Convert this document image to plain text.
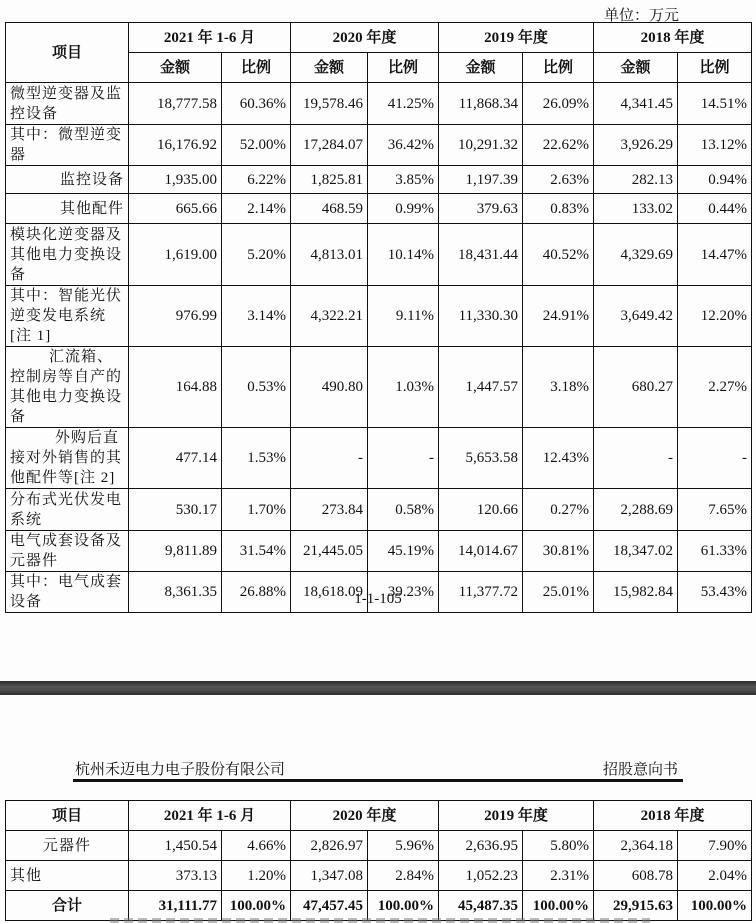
单位：万元
项目	2021 年 1-6 月		2020 年度		2019 年度		2018 年度	
	金额	比例	金额	比例	金额	比例	金额	比例
微型逆变器及监控设备	18,777.58	60.36%	19,578.46	41.25%	11,868.34	26.09%	4,341.45	14.51%
其中：微型逆变器	16,176.92	52.00%	17,284.07	36.42%	10,291.32	22.62%	3,926.29	13.12%
监控设备	1,935.00	6.22%	1,825.81	3.85%	1,197.39	2.63%	282.13	0.94%
其他配件	665.66	2.14%	468.59	0.99%	379.63	0.83%	133.02	0.44%
模块化逆变器及其他电力变换设备	1,619.00	5.20%	4,813.01	10.14%	18,431.44	40.52%	4,329.69	14.47%
其中：智能光伏逆变发电系统[注 1]	976.99	3.14%	4,322.21	9.11%	11,330.30	24.91%	3,649.42	12.20%
汇流箱、控制房等自产的其他电力变换设备	164.88	0.53%	490.80	1.03%	1,447.57	3.18%	680.27	2.27%
外购后直接对外销售的其他配件等[注 2]	477.14	1.53%	-	-	5,653.58	12.43%	-	-
分布式光伏发电系统	530.17	1.70%	273.84	0.58%	120.66	0.27%	2,288.69	7.65%
电气成套设备及元器件	9,811.89	31.54%	21,445.05	45.19%	14,014.67	30.81%	18,347.02	61.33%
其中：电气成套设备	8,361.35	26.88%	18,618.09	39.23%	11,377.72	25.01%	15,982.84	53.43%
1-1-105
杭州禾迈电力电子股份有限公司	招股意向书
项目	2021 年 1-6 月		2020 年度		2019 年度		2018 年度	
元器件	1,450.54	4.66%	2,826.97	5.96%	2,636.95	5.80%	2,364.18	7.90%
其他	373.13	1.20%	1,347.08	2.84%	1,052.23	2.31%	608.78	2.04%
合计	31,111.77	100.00%	47,457.45	100.00%	45,487.35	100.00%	29,915.63	100.00%
